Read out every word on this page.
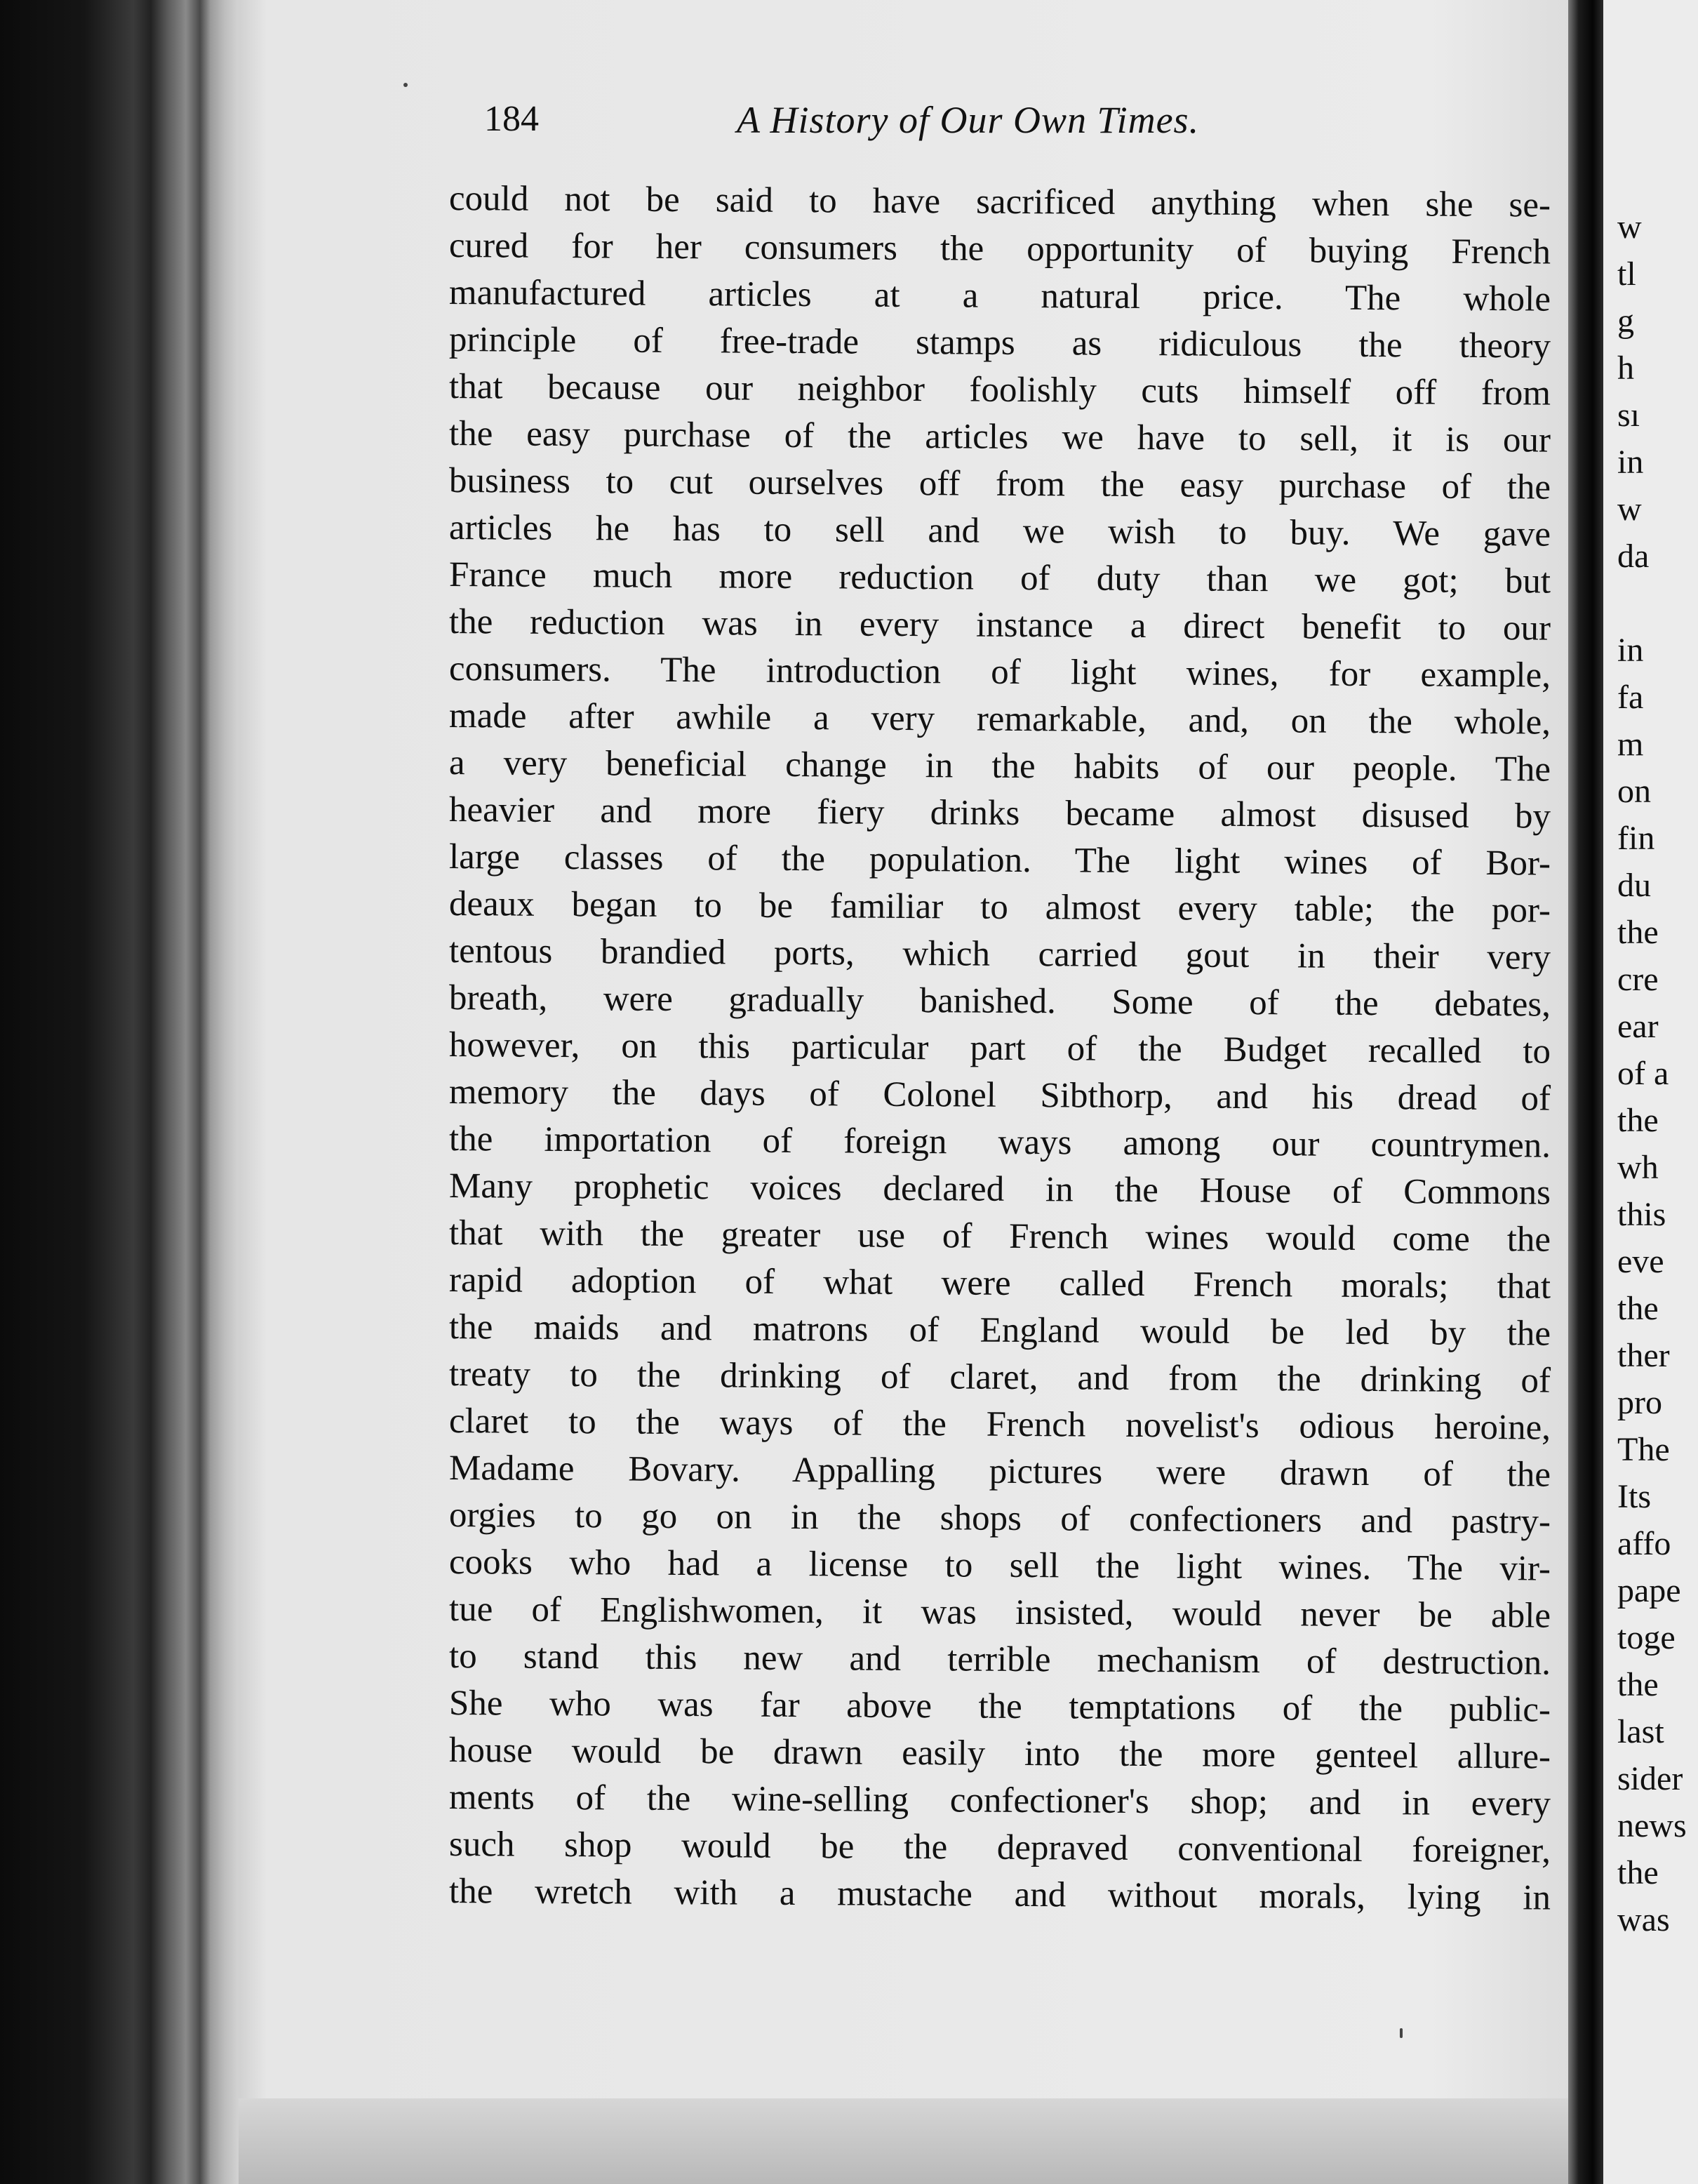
184	A History of Our Own Times.
could not be said to have sacrificed anything when she se-
cured for her consumers the opportunity of buying French
manufactured articles at a natural price. The whole
principle of free-trade stamps as ridiculous the theory
that because our neighbor foolishly cuts himself off from
the easy purchase of the articles we have to sell, it is our
business to cut ourselves off from the easy purchase of the
articles he has to sell and we wish to buy. We gave
France much more reduction of duty than we got; but
the reduction was in every instance a direct benefit to our
consumers. The introduction of light wines, for example,
made after awhile a very remarkable, and, on the whole,
a very beneficial change in the habits of our people. The
heavier and more fiery drinks became almost disused by
large classes of the population. The light wines of Bor-
deaux began to be familiar to almost every table; the por-
tentous brandied ports, which carried gout in their very
breath, were gradually banished. Some of the debates,
however, on this particular part of the Budget recalled to
memory the days of Colonel Sibthorp, and his dread of
the importation of foreign ways among our countrymen.
Many prophetic voices declared in the House of Commons
that with the greater use of French wines would come the
rapid adoption of what were called French morals; that
the maids and matrons of England would be led by the
treaty to the drinking of claret, and from the drinking of
claret to the ways of the French novelist's odious heroine,
Madame Bovary. Appalling pictures were drawn of the
orgies to go on in the shops of confectioners and pastry-
cooks who had a license to sell the light wines. The vir-
tue of Englishwomen, it was insisted, would never be able
to stand this new and terrible mechanism of destruction.
She who was far above the temptations of the public-
house would be drawn easily into the more genteel allure-
ments of the wine-selling confectioner's shop; and in every
such shop would be the depraved conventional foreigner,
the wretch with a mustache and without morals, lying in
w
tl
g
h
sı
in
w
da
in
fa
m
on
fin
du
the
cre
ear
of a
the
wh
this
eve
the
ther
pro
The
Its
affo
pape
toge
the
last
sider
news
the
was
